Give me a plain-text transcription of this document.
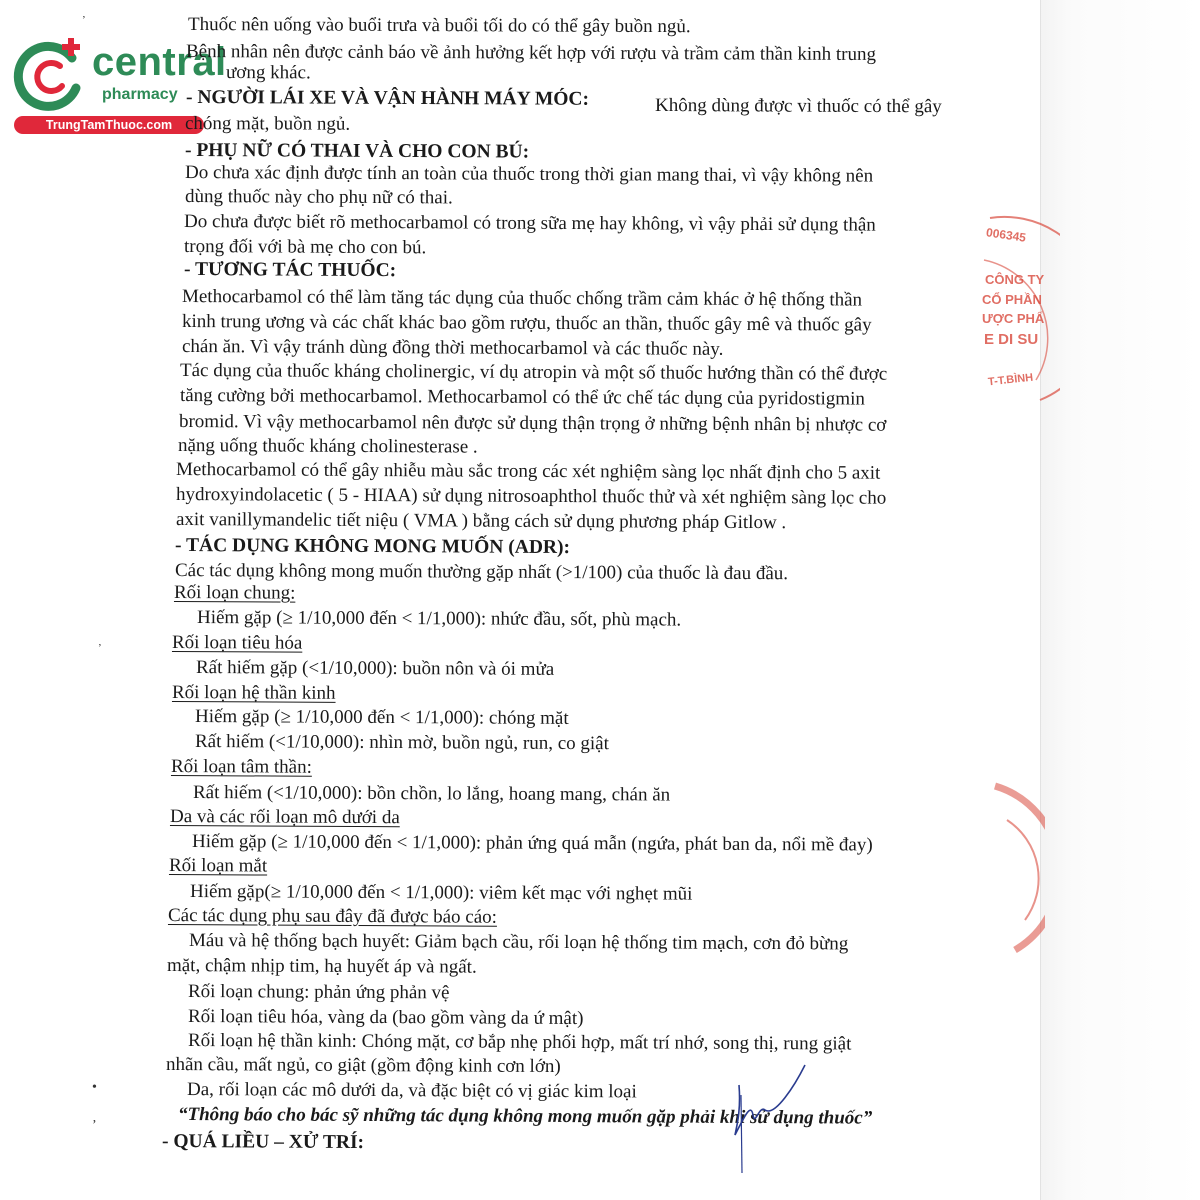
central
pharmacy
TrungTamThuoc.com
Thuốc nên uống vào buổi trưa và buổi tối do có thể gây buồn ngủ.
Bệnh nhân nên được cảnh báo về ảnh hưởng kết hợp với rượu và trầm cảm thần kinh trung
ương khác.
- NGƯỜI LÁI XE VÀ VẬN HÀNH MÁY MÓC:	Không dùng được vì thuốc có thể gây
chóng mặt, buồn ngủ.
- PHỤ NỮ CÓ THAI VÀ CHO CON BÚ:
Do chưa xác định được tính an toàn của thuốc trong thời gian mang thai, vì vậy không nên
dùng thuốc này cho phụ nữ có thai.
Do chưa được biết rõ methocarbamol có trong sữa mẹ hay không, vì vậy phải sử dụng thận
trọng đối với bà mẹ cho con bú.
- TƯƠNG TÁC THUỐC:
Methocarbamol có thể làm tăng tác dụng của thuốc chống trầm cảm khác ở hệ thống thần
kinh trung ương và các chất khác bao gồm rượu, thuốc an thần, thuốc gây mê và thuốc gây
chán ăn. Vì vậy tránh dùng đồng thời methocarbamol và các thuốc này.
Tác dụng của thuốc kháng cholinergic, ví dụ atropin và một số thuốc hướng thần có thể được
tăng cường bởi methocarbamol. Methocarbamol có thể ức chế tác dụng của pyridostigmin
bromid. Vì vậy methocarbamol nên được sử dụng thận trọng ở những bệnh nhân bị nhược cơ
nặng uống thuốc kháng cholinesterase .
Methocarbamol có thể gây nhiễu màu sắc trong các xét nghiệm sàng lọc nhất định cho 5 axit
hydroxyindolacetic ( 5 - HIAA) sử dụng nitrosoaphthol thuốc thử và xét nghiệm sàng lọc cho
axit vanillymandelic tiết niệu ( VMA ) bằng cách sử dụng phương pháp Gitlow .
- TÁC DỤNG KHÔNG MONG MUỐN (ADR):
Các tác dụng không mong muốn thường gặp nhất (>1/100) của thuốc là đau đầu.
Rối loạn chung:
Hiếm gặp (≥ 1/10,000 đến < 1/1,000): nhức đầu, sốt, phù mạch.
Rối loạn tiêu hóa
Rất hiếm gặp (<1/10,000): buồn nôn và ói mửa
Rối loạn hệ thần kinh
Hiếm gặp (≥ 1/10,000 đến < 1/1,000): chóng mặt
Rất hiếm (<1/10,000): nhìn mờ, buồn ngủ, run, co giật
Rối loạn tâm thần:
Rất hiếm (<1/10,000): bồn chồn, lo lắng, hoang mang, chán ăn
Da và các rối loạn mô dưới da
Hiếm gặp (≥ 1/10,000 đến < 1/1,000): phản ứng quá mẫn (ngứa, phát ban da, nổi mề đay)
Rối loạn mắt
Hiếm gặp(≥ 1/10,000 đến < 1/1,000): viêm kết mạc với nghẹt mũi
Các tác dụng phụ sau đây đã được báo cáo:
Máu và hệ thống bạch huyết: Giảm bạch cầu, rối loạn hệ thống tim mạch, cơn đỏ bừng
mặt, chậm nhịp tim, hạ huyết áp và ngất.
Rối loạn chung: phản ứng phản vệ
Rối loạn tiêu hóa, vàng da (bao gồm vàng da ứ mật)
Rối loạn hệ thần kinh: Chóng mặt, cơ bắp nhẹ phối hợp, mất trí nhớ, song thị, rung giật
nhãn cầu, mất ngủ, co giật (gồm động kinh cơn lớn)
Da, rối loạn các mô dưới da, và đặc biệt có vị giác kim loại
“Thông báo cho bác sỹ những tác dụng không mong muốn gặp phải khi sử dụng thuốc”
- QUÁ LIỀU – XỬ TRÍ:
•
ʼ
ʼ
ʼ
006345
CÔNG TY
CỔ PHẦN
ƯỢC PHẨ
E DI SU
T-T.BÌNH
